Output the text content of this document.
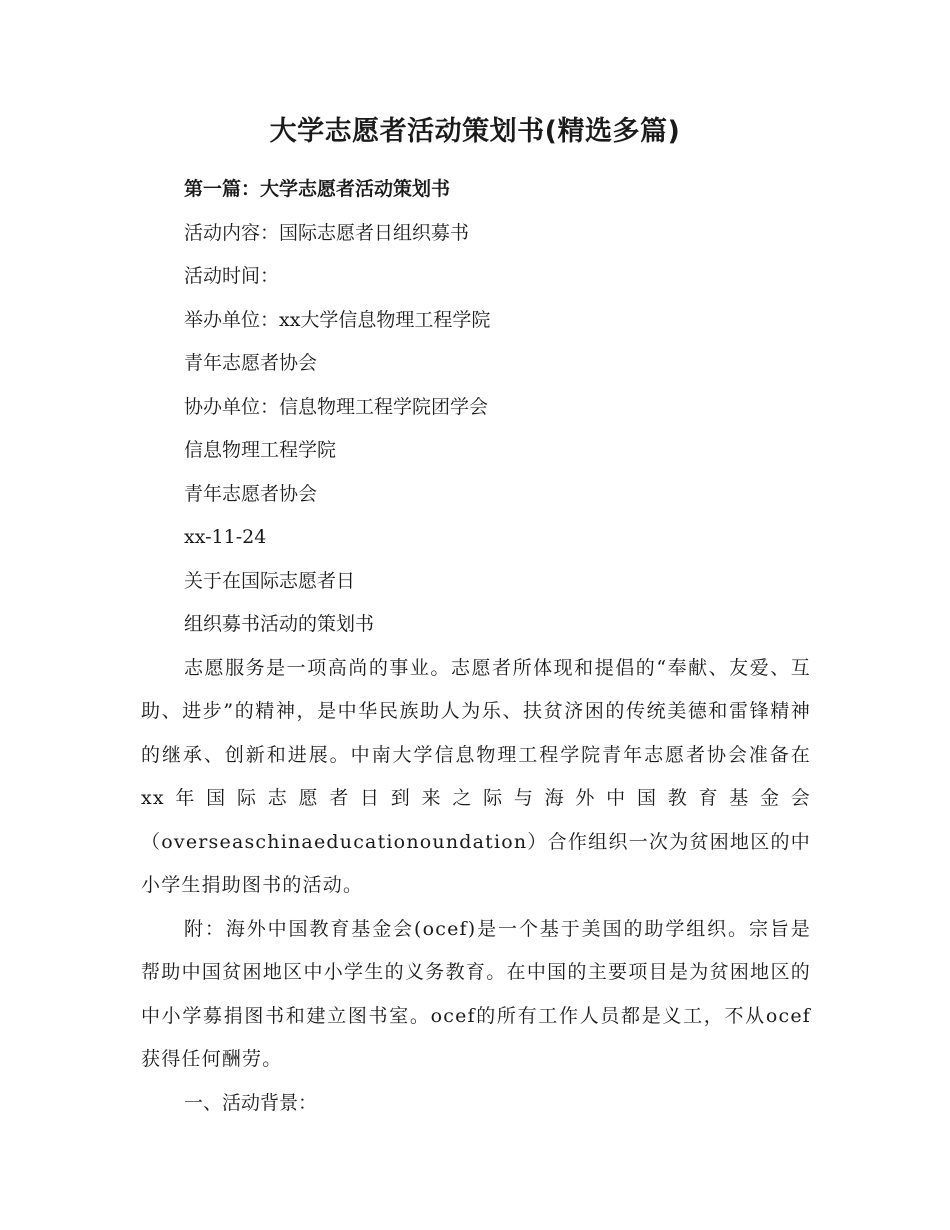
大学志愿者活动策划书(精选多篇)
第一篇：大学志愿者活动策划书
活动内容：国际志愿者日组织募书
活动时间：
举办单位：xx大学信息物理工程学院
青年志愿者协会
协办单位：信息物理工程学院团学会
信息物理工程学院
青年志愿者协会
xx-11-24
关于在国际志愿者日
组织募书活动的策划书
志愿服务是一项高尚的事业。志愿者所体现和提倡的“奉献、友爱、互助、进步”的精神，是中华民族助人为乐、扶贫济困的传统美德和雷锋精神的继承、创新和进展。中南大学信息物理工程学院青年志愿者协会准备在xx年国际志愿者日到来之际与海外中国教育基金会（overseaschinaeducationoundation）合作组织一次为贫困地区的中小学生捐助图书的活动。
附：海外中国教育基金会(ocef)是一个基于美国的助学组织。宗旨是帮助中国贫困地区中小学生的义务教育。在中国的主要项目是为贫困地区的中小学募捐图书和建立图书室。ocef的所有工作人员都是义工，不从ocef获得任何酬劳。
一、活动背景：
